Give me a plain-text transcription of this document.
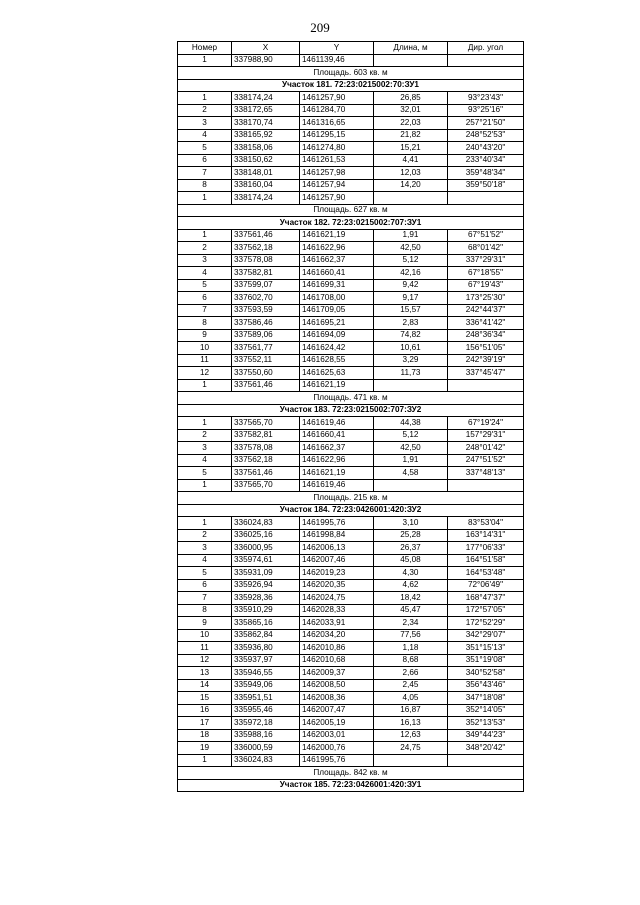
209
Номер	X	Y	Длина, м	Дир. угол
1	337988,90	1461139,46		
Площадь. 603 кв. м				
Участок 181. 72:23:0215002:70:ЗУ1				
1	338174,24	1461257,90	26,85	93°23'43"
2	338172,65	1461284,70	32,01	93°25'16"
3	338170,74	1461316,65	22,03	257°21'50"
4	338165,92	1461295,15	21,82	248°52'53"
5	338158,06	1461274,80	15,21	240°43'20"
6	338150,62	1461261,53	4,41	233°40'34"
7	338148,01	1461257,98	12,03	359°48'34"
8	338160,04	1461257,94	14,20	359°50'18"
1	338174,24	1461257,90		
Площадь. 627 кв. м				
Участок 182. 72:23:0215002:707:ЗУ1				
1	337561,46	1461621,19	1,91	67°51'52"
2	337562,18	1461622,96	42,50	68°01'42"
3	337578,08	1461662,37	5,12	337°29'31"
4	337582,81	1461660,41	42,16	67°18'55"
5	337599,07	1461699,31	9,42	67°19'43"
6	337602,70	1461708,00	9,17	173°25'30"
7	337593,59	1461709,05	15,57	242°44'37"
8	337586,46	1461695,21	2,83	336°41'42"
9	337589,06	1461694,09	74,82	248°36'34"
10	337561,77	1461624,42	10,61	156°51'05"
11	337552,11	1461628,55	3,29	242°39'19"
12	337550,60	1461625,63	11,73	337°45'47"
1	337561,46	1461621,19		
Площадь. 471 кв. м				
Участок 183. 72:23:0215002:707:ЗУ2				
1	337565,70	1461619,46	44,38	67°19'24"
2	337582,81	1461660,41	5,12	157°29'31"
3	337578,08	1461662,37	42,50	248°01'42"
4	337562,18	1461622,96	1,91	247°51'52"
5	337561,46	1461621,19	4,58	337°48'13"
1	337565,70	1461619,46		
Площадь. 215 кв. м				
Участок 184. 72:23:0426001:420:ЗУ2				
1	336024,83	1461995,76	3,10	83°53'04"
2	336025,16	1461998,84	25,28	163°14'31"
3	336000,95	1462006,13	26,37	177°06'33"
4	335974,61	1462007,46	45,08	164°51'58"
5	335931,09	1462019,23	4,30	164°53'48"
6	335926,94	1462020,35	4,62	72°06'49"
7	335928,36	1462024,75	18,42	168°47'37"
8	335910,29	1462028,33	45,47	172°57'05"
9	335865,16	1462033,91	2,34	172°52'29"
10	335862,84	1462034,20	77,56	342°29'07"
11	335936,80	1462010,86	1,18	351°15'13"
12	335937,97	1462010,68	8,68	351°19'08"
13	335946,55	1462009,37	2,66	340°52'58"
14	335949,06	1462008,50	2,45	356°43'46"
15	335951,51	1462008,36	4,05	347°18'08"
16	335955,46	1462007,47	16,87	352°14'05"
17	335972,18	1462005,19	16,13	352°13'53"
18	335988,16	1462003,01	12,63	349°44'23"
19	336000,59	1462000,76	24,75	348°20'42"
1	336024,83	1461995,76		
Площадь. 842 кв. м				
Участок 185. 72:23:0426001:420:ЗУ1				
